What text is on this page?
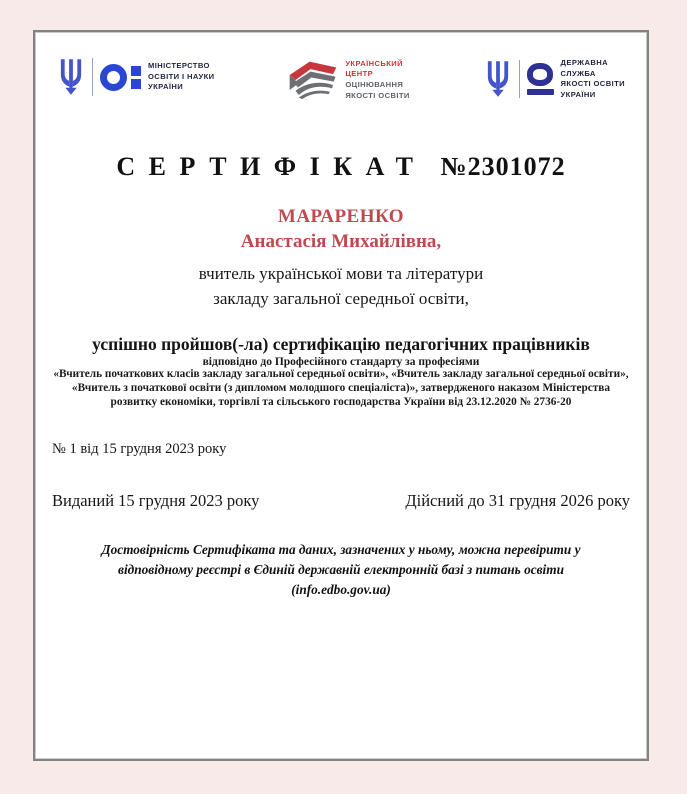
МІНІСТЕРСТВО
ОСВІТИ І НАУКИ
УКРАЇНИ
УКРАЇНСЬКИЙ
ЦЕНТР
ОЦІНЮВАННЯ
ЯКОСТІ ОСВІТИ
ДЕРЖАВНА
СЛУЖБА
ЯКОСТІ ОСВІТИ
УКРАЇНИ
СЕРТИФІКАТ №2301072
МАРАРЕНКО
Анастасія Михайлівна,
вчитель української мови та літератури
закладу загальної середньої освіти,
успішно пройшов(-ла) сертифікацію педагогічних працівників
відповідно до Професійного стандарту за професіями
«Вчитель початкових класів закладу загальної середньої освіти», «Вчитель закладу загальної середньої освіти», «Вчитель з початкової освіти (з дипломом молодшого спеціаліста)», затвердженого наказом Міністерства розвитку економіки, торгівлі та сільського господарства України від 23.12.2020 № 2736-20
№ 1 від 15 грудня 2023 року
Виданий 15 грудня 2023 року	Дійсний до 31 грудня 2026 року
Достовірність Сертифіката та даних, зазначених у ньому, можна перевірити у відповідному реєстрі в Єдиній державній електронній базі з питань освіти (info.edbo.gov.ua)
